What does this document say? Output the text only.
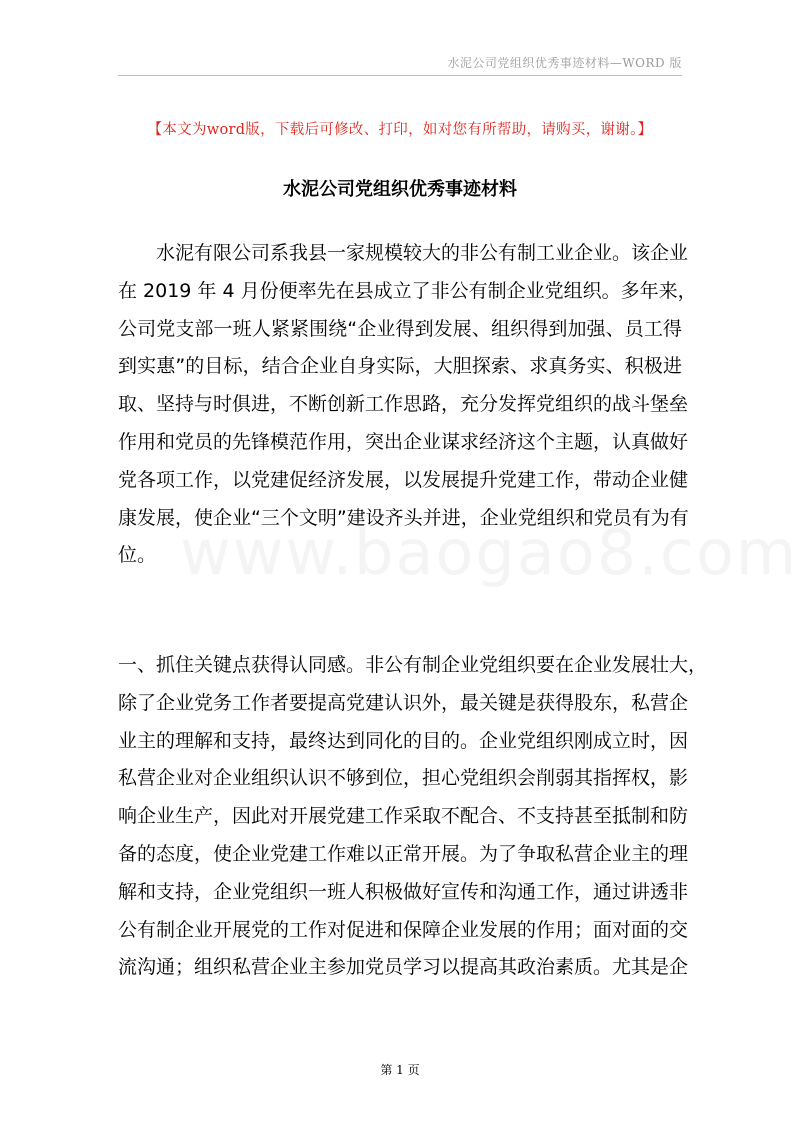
水泥公司党组织优秀事迹材料—WORD 版
【本文为word版，下载后可修改、打印，如对您有所帮助，请购买，谢谢。】
水泥公司党组织优秀事迹材料
　　水泥有限公司系我县一家规模较大的非公有制工业企业。该企业
在 2019 年 4 月份便率先在县成立了非公有制企业党组织。多年来，
公司党支部一班人紧紧围绕“企业得到发展、组织得到加强、员工得
到实惠”的目标，结合企业自身实际，大胆探索、求真务实、积极进
取、坚持与时俱进，不断创新工作思路，充分发挥党组织的战斗堡垒
作用和党员的先锋模范作用，突出企业谋求经济这个主题，认真做好
党各项工作，以党建促经济发展，以发展提升党建工作，带动企业健
康发展，使企业“三个文明”建设齐头并进，企业党组织和党员有为有
位。
一、抓住关键点获得认同感。非公有制企业党组织要在企业发展壮大，
除了企业党务工作者要提高党建认识外，最关键是获得股东，私营企
业主的理解和支持，最终达到同化的目的。企业党组织刚成立时，因
私营企业对企业组织认识不够到位，担心党组织会削弱其指挥权，影
响企业生产，因此对开展党建工作采取不配合、不支持甚至抵制和防
备的态度，使企业党建工作难以正常开展。为了争取私营企业主的理
解和支持，企业党组织一班人积极做好宣传和沟通工作，通过讲透非
公有制企业开展党的工作对促进和保障企业发展的作用；面对面的交
流沟通；组织私营企业主参加党员学习以提高其政治素质。尤其是企
第 1 页
